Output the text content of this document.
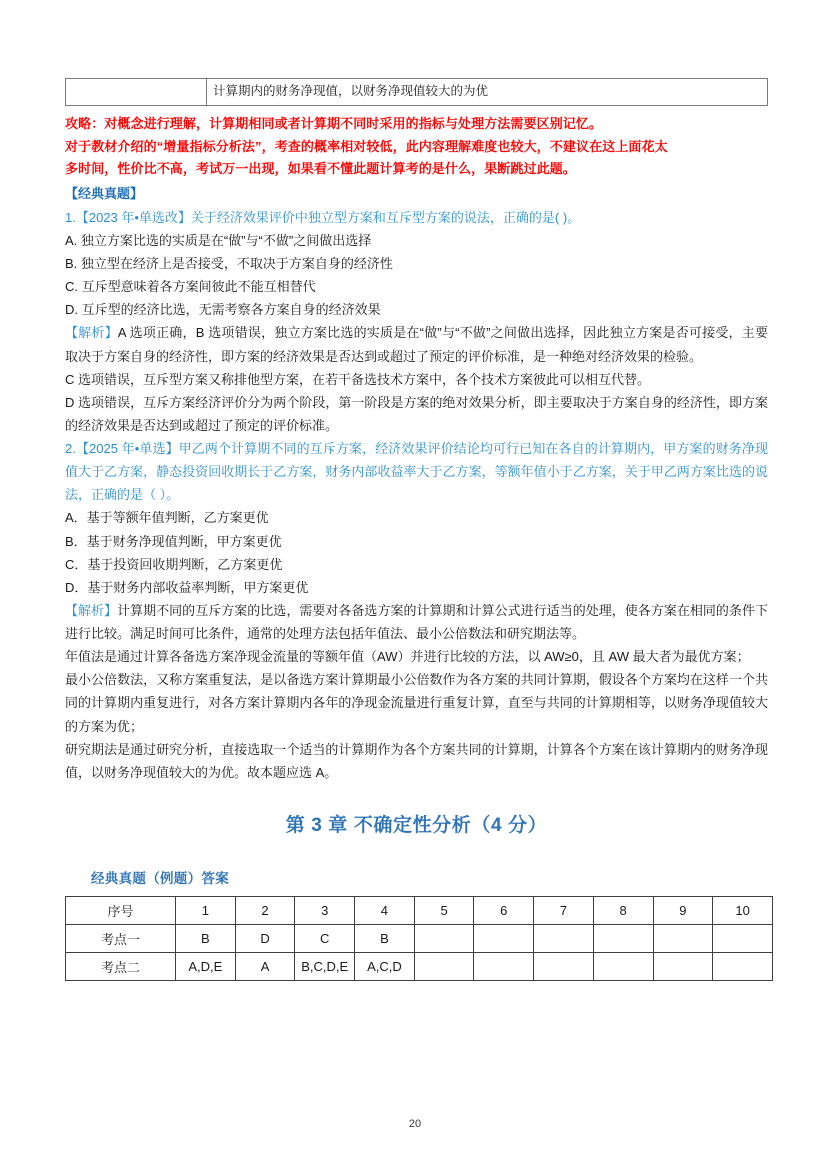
	计算期内的财务净现值，以财务净现值较大的为优

攻略：对概念进行理解，计算期相同或者计算期不同时采用的指标与处理方法需要区别记忆。

对于教材介绍的“增量指标分析法”，考查的概率相对较低，此内容理解难度也较大，不建议在这上面花太

多时间，性价比不高，考试万一出现，如果看不懂此题计算考的是什么，果断跳过此题。

【经典真题】

1.【2023 年•单选改】关于经济效果评价中独立型方案和互斥型方案的说法，正确的是( )。

A. 独立方案比选的实质是在“做”与“不做”之间做出选择

B. 独立型在经济上是否接受，不取决于方案自身的经济性

C. 互斥型意味着各方案间彼此不能互相替代

D. 互斥型的经济比选，无需考察各方案自身的经济效果

【解析】A 选项正确，B 选项错误，独立方案比选的实质是在“做”与“不做”之间做出选择，因此独立方案是否可接受，主要取决于方案自身的经济性，即方案的经济效果是否达到或超过了预定的评价标准，是一种绝对经济效果的检验。

C 选项错误，互斥型方案又称排他型方案，在若干备选技术方案中，各个技术方案彼此可以相互代替。

D 选项错误，互斥方案经济评价分为两个阶段，第一阶段是方案的绝对效果分析，即主要取决于方案自身的经济性，即方案的经济效果是否达到或超过了预定的评价标准。

2.【2025 年•单选】甲乙两个计算期不同的互斥方案，经济效果评价结论均可行已知在各自的计算期内，甲方案的财务净现值大于乙方案，静态投资回收期长于乙方案，财务内部收益率大于乙方案，等额年值小于乙方案，关于甲乙两方案比选的说法，正确的是（ ）。

A．基于等额年值判断，乙方案更优

B．基于财务净现值判断，甲方案更优

C．基于投资回收期判断，乙方案更优

D．基于财务内部收益率判断，甲方案更优

【解析】计算期不同的互斥方案的比选，需要对各备选方案的计算期和计算公式进行适当的处理，使各方案在相同的条件下进行比较。满足时间可比条件，通常的处理方法包括年值法、最小公倍数法和研究期法等。

年值法是通过计算各备选方案净现金流量的等额年值（AW）并进行比较的方法，以 AW≥0，且 AW 最大者为最优方案；

最小公倍数法，又称方案重复法，是以备选方案计算期最小公倍数作为各方案的共同计算期，假设各个方案均在这样一个共同的计算期内重复进行，对各方案计算期内各年的净现金流量进行重复计算，直至与共同的计算期相等，以财务净现值较大的方案为优；

研究期法是通过研究分析，直接选取一个适当的计算期作为各个方案共同的计算期，计算各个方案在该计算期内的财务净现值，以财务净现值较大的为优。故本题应选 A。

第 3 章 不确定性分析（4 分）
经典真题（例题）答案
序号	1	2	3	4	5	6	7	8	9	10
考点一	B	D	C	B						
考点二	A,D,E	A	B,C,D,E	A,C,D						
20
